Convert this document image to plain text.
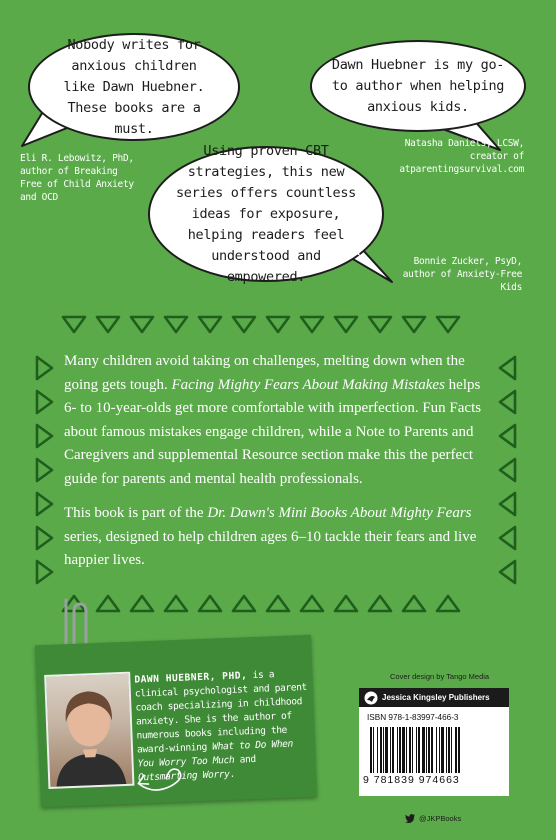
Nobody writes for anxious children like Dawn Huebner. These books are a must.
Dawn Huebner is my go-to author when helping anxious kids.
Using proven CBT strategies, this new series offers countless ideas for exposure, helping readers feel understood and empowered.
Eli R. Lebowitz, PhD, author of Breaking Free of Child Anxiety and OCD
Natasha Daniels, LCSW, creator of atparentingsurvival.com
Bonnie Zucker, PsyD, author of Anxiety-Free Kids

Many children avoid taking on challenges, melting down when the going gets tough. Facing Mighty Fears About Making Mistakes helps 6- to 10-year-olds get more comfortable with imperfection. Fun Facts about famous mistakes engage children, while a Note to Parents and Caregivers and supplemental Resource section make this the perfect guide for parents and mental health professionals.

This book is part of the Dr. Dawn's Mini Books About Mighty Fears series, designed to help children ages 6–10 tackle their fears and live happier lives.

DAWN HUEBNER, PHD, is a clinical psychologist and parent coach specializing in childhood anxiety. She is the author of numerous books including the award-winning What to Do When You Worry Too Much and Outsmarting Worry.
Cover design by Tango Media
Jessica Kingsley Publishers
ISBN 978-1-83997-466-3
9 781839 974663
@JKPBooks
